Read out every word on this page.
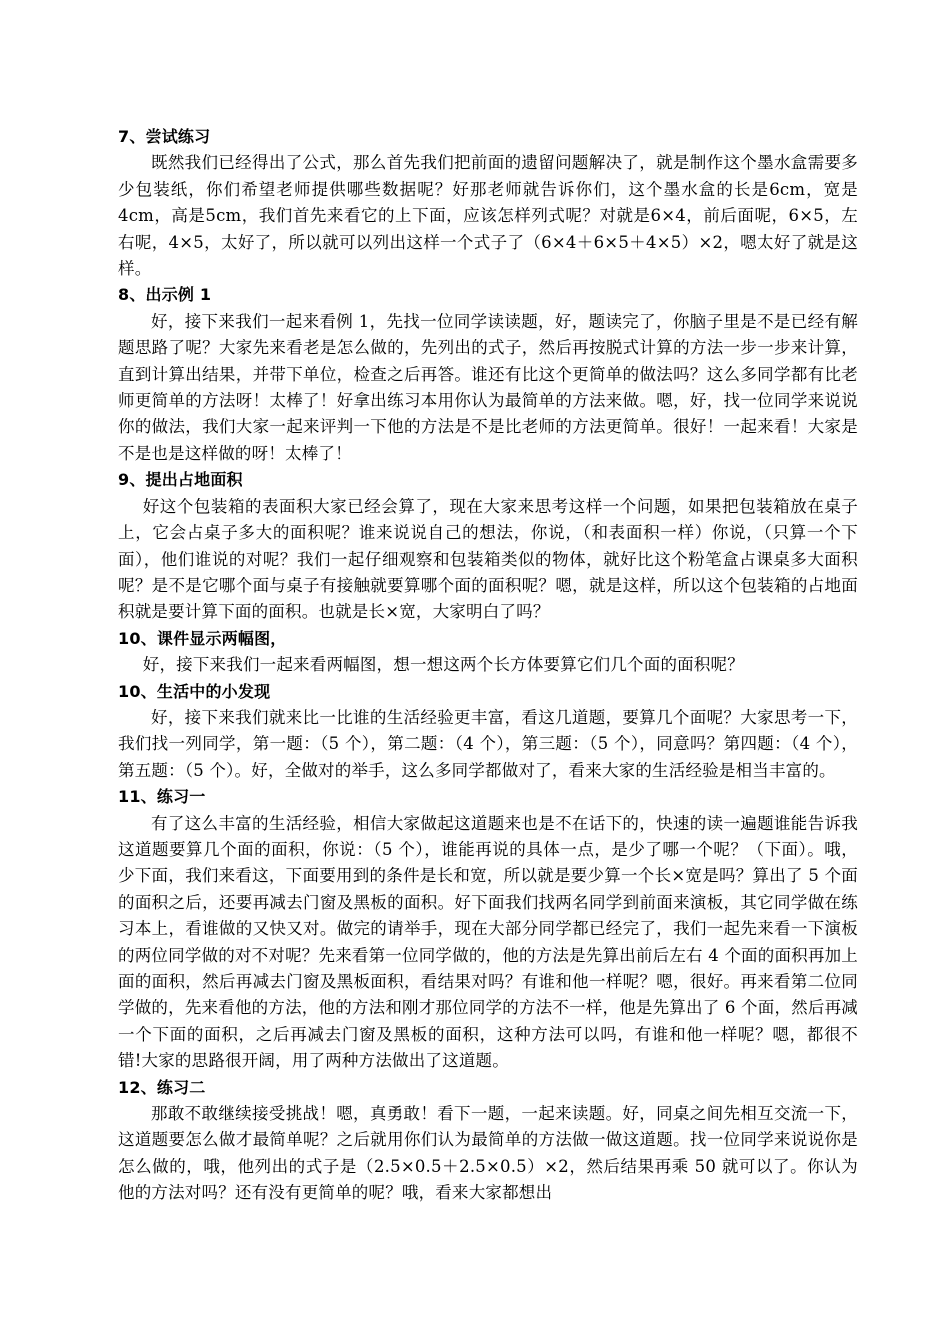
7、尝试练习

既然我们已经得出了公式，那么首先我们把前面的遗留问题解决了，就是制作这个墨水盒需要多少包装纸，你们希望老师提供哪些数据呢？好那老师就告诉你们，这个墨水盒的长是6cm，宽是4cm，高是5cm，我们首先来看它的上下面，应该怎样列式呢？对就是6×4，前后面呢，6×5，左右呢，4×5，太好了，所以就可以列出这样一个式子了（6×4＋6×5＋4×5）×2，嗯太好了就是这样。

8、出示例 1

好，接下来我们一起来看例 1，先找一位同学读读题，好，题读完了，你脑子里是不是已经有解题思路了呢？大家先来看老是怎么做的，先列出的式子，然后再按脱式计算的方法一步一步来计算，直到计算出结果，并带下单位，检查之后再答。谁还有比这个更简单的做法吗？这么多同学都有比老师更简单的方法呀！太棒了！好拿出练习本用你认为最简单的方法来做。嗯，好，找一位同学来说说你的做法，我们大家一起来评判一下他的方法是不是比老师的方法更简单。很好！一起来看！大家是不是也是这样做的呀！太棒了！

9、提出占地面积

好这个包装箱的表面积大家已经会算了，现在大家来思考这样一个问题，如果把包装箱放在桌子上，它会占桌子多大的面积呢？谁来说说自己的想法，你说，（和表面积一样）你说，（只算一个下面），他们谁说的对呢？我们一起仔细观察和包装箱类似的物体，就好比这个粉笔盒占课桌多大面积呢？是不是它哪个面与桌子有接触就要算哪个面的面积呢？嗯，就是这样，所以这个包装箱的占地面积就是要计算下面的面积。也就是长×宽，大家明白了吗？

10、课件显示两幅图，

好，接下来我们一起来看两幅图，想一想这两个长方体要算它们几个面的面积呢？

10、生活中的小发现

好，接下来我们就来比一比谁的生活经验更丰富，看这几道题，要算几个面呢？大家思考一下，我们找一列同学，第一题：（5 个），第二题：（4 个），第三题：（5 个），同意吗？第四题：（4 个），第五题：（5 个）。好，全做对的举手，这么多同学都做对了，看来大家的生活经验是相当丰富的。

11、练习一

有了这么丰富的生活经验，相信大家做起这道题来也是不在话下的，快速的读一遍题谁能告诉我这道题要算几个面的面积，你说：（5 个），谁能再说的具体一点，是少了哪一个呢？（下面）。哦，少下面，我们来看这，下面要用到的条件是长和宽，所以就是要少算一个长×宽是吗？算出了 5 个面的面积之后，还要再减去门窗及黑板的面积。好下面我们找两名同学到前面来演板，其它同学做在练习本上，看谁做的又快又对。做完的请举手，现在大部分同学都已经完了，我们一起先来看一下演板的两位同学做的对不对呢？先来看第一位同学做的，他的方法是先算出前后左右 4 个面的面积再加上面的面积，然后再减去门窗及黑板面积，看结果对吗？有谁和他一样呢？嗯，很好。再来看第二位同学做的，先来看他的方法，他的方法和刚才那位同学的方法不一样，他是先算出了 6 个面，然后再减一个下面的面积，之后再减去门窗及黑板的面积，这种方法可以吗，有谁和他一样呢？嗯，都很不错!大家的思路很开阔，用了两种方法做出了这道题。

12、练习二

那敢不敢继续接受挑战！嗯，真勇敢！看下一题，一起来读题。好，同桌之间先相互交流一下，这道题要怎么做才最简单呢？之后就用你们认为最简单的方法做一做这道题。找一位同学来说说你是怎么做的，哦，他列出的式子是（2.5×0.5＋2.5×0.5）×2，然后结果再乘 50 就可以了。你认为他的方法对吗？还有没有更简单的呢？哦，看来大家都想出
